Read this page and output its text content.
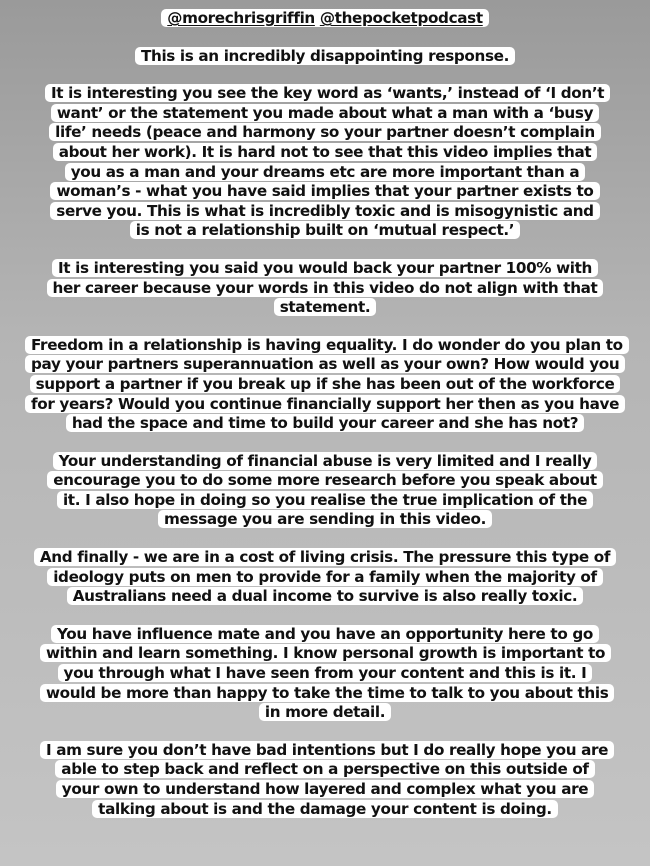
@morechrisgriffin @thepocketpodcast

This is an incredibly disappointing response.

It is interesting you see the key word as ‘wants,’ instead of ‘I don’t want’ or the statement you made about what a man with a ‘busy life’ needs (peace and harmony so your partner doesn’t complain about her work). It is hard not to see that this video implies that you as a man and your dreams etc are more important than a woman’s - what you have said implies that your partner exists to serve you. This is what is incredibly toxic and is misogynistic and is not a relationship built on ‘mutual respect.’

It is interesting you said you would back your partner 100% with her career because your words in this video do not align with that statement.

Freedom in a relationship is having equality. I do wonder do you plan to pay your partners superannuation as well as your own? How would you support a partner if you break up if she has been out of the workforce for years? Would you continue financially support her then as you have had the space and time to build your career and she has not?

Your understanding of financial abuse is very limited and I really encourage you to do some more research before you speak about it. I also hope in doing so you realise the true implication of the message you are sending in this video.

And finally - we are in a cost of living crisis. The pressure this type of ideology puts on men to provide for a family when the majority of Australians need a dual income to survive is also really toxic.

You have influence mate and you have an opportunity here to go within and learn something. I know personal growth is important to you through what I have seen from your content and this is it. I would be more than happy to take the time to talk to you about this in more detail.

I am sure you don’t have bad intentions but I do really hope you are able to step back and reflect on a perspective on this outside of your own to understand how layered and complex what you are talking about is and the damage your content is doing.
